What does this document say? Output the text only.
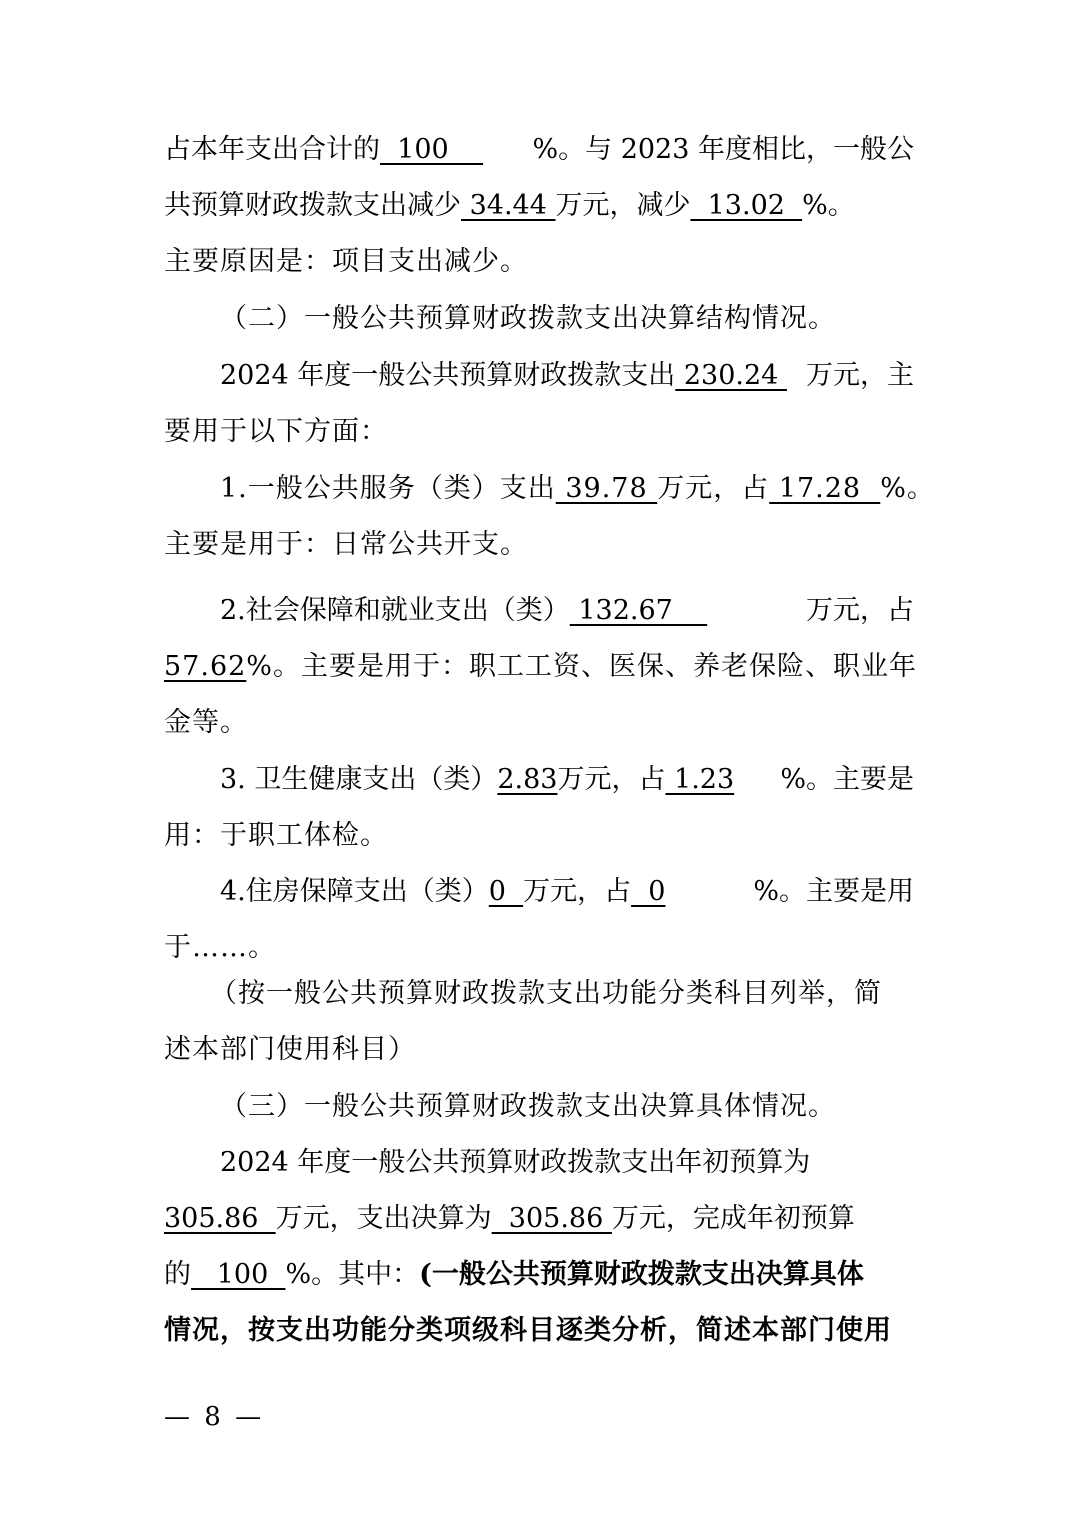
占本年支出合计的  100 %。与 2023 年度相比，一般公
共预算财政拨款支出减少 34.44 万元，减少  13.02  %。
主要原因是：项目支出减少。
（二）一般公共预算财政拨款支出决算结构情况。
2024 年度一般公共预算财政拨款支出 230.24 万元，主
要用于以下方面：
1.一般公共服务（类）支出 39.78 万元，占 17.28  %。
主要是用于：日常公共开支。
2.社会保障和就业支出（类） 132.67	万元，占
57.62%。主要是用于：职工工资、医保、养老保险、职业年
金等。
3. 卫生健康支出（类）2.83万元，占 1.23 %。主要是
用：于职工体检。
4.住房保障支出（类）0  万元，占  0	%。主要是用
于……。
（按一般公共预算财政拨款支出功能分类科目列举，简
述本部门使用科目）
（三）一般公共预算财政拨款支出决算具体情况。
2024 年度一般公共预算财政拨款支出年初预算为
305.86  万元，支出决算为  305.86 万元，完成年初预算
的   100  %。其中：(一般公共预算财政拨款支出决算具体
情况，按支出功能分类项级科目逐类分析，简述本部门使用
— 8 —
